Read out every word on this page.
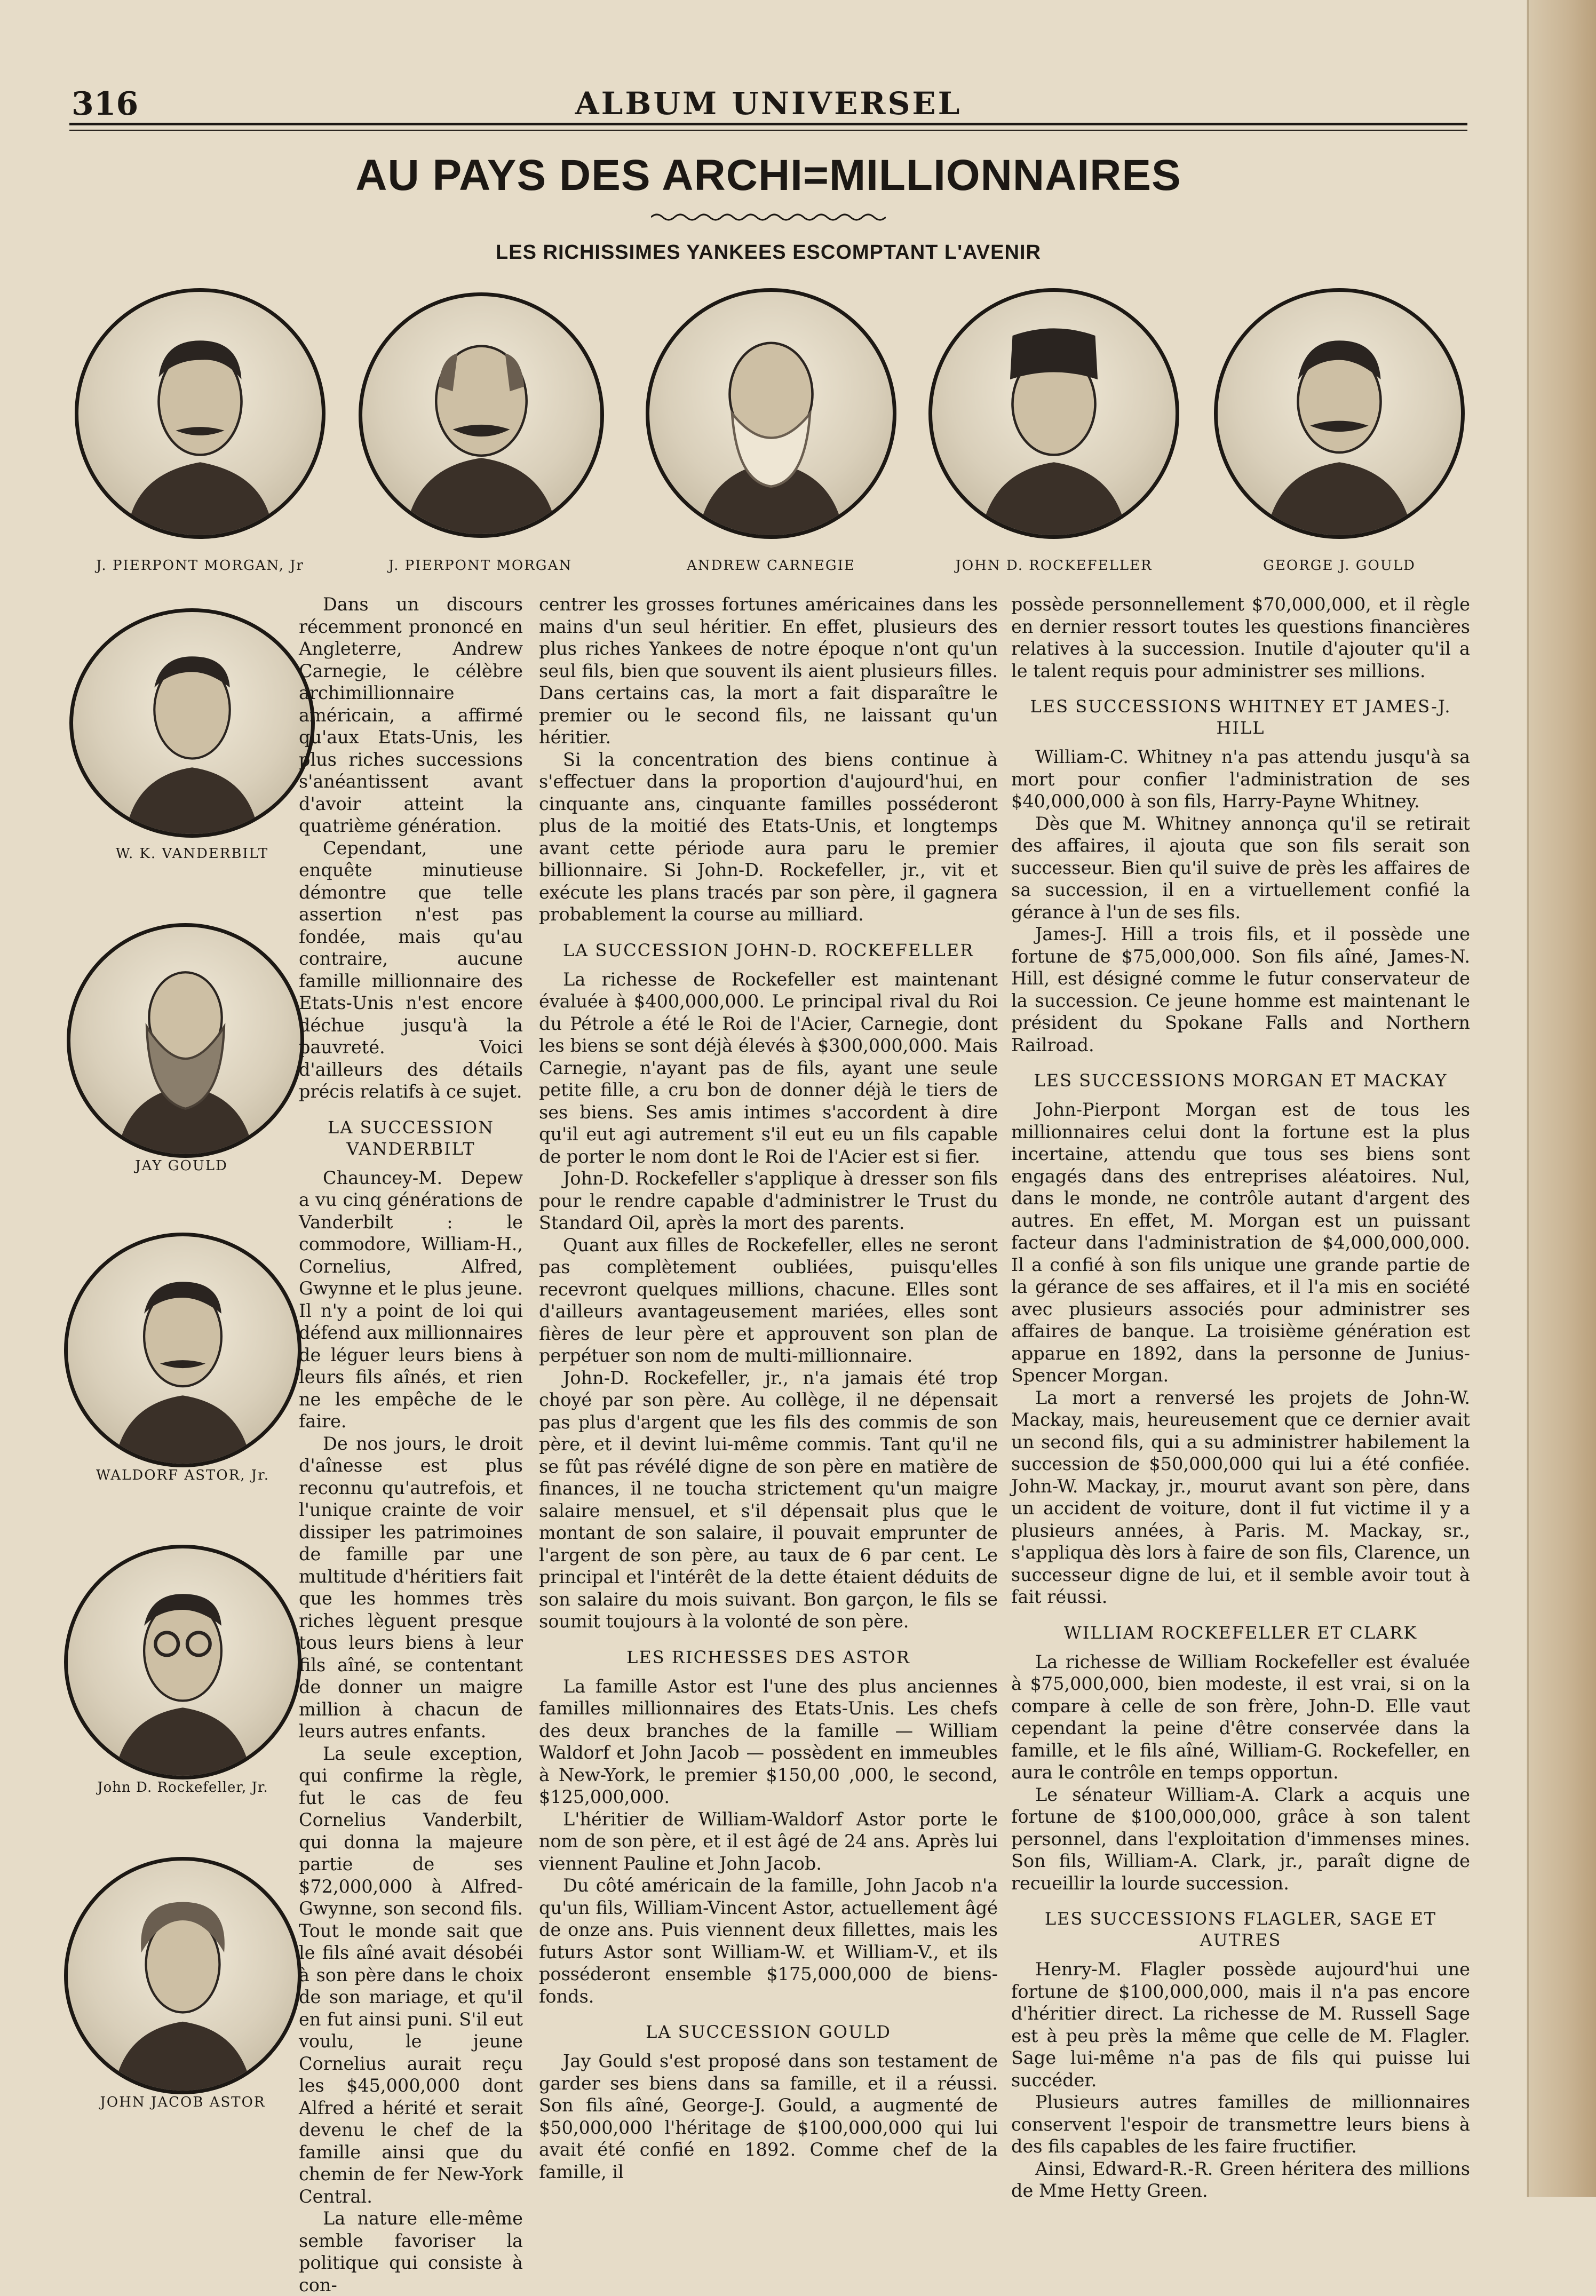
316	ALBUM UNIVERSEL
AU PAYS DES ARCHI=MILLIONNAIRES
LES RICHISSIMES YANKEES ESCOMPTANT L'AVENIR
J. PIERPONT MORGAN, Jr	J. PIERPONT MORGAN	ANDREW CARNEGIE	JOHN D. ROCKEFELLER	GEORGE J. GOULD
W. K. VANDERBILT
JAY GOULD
WALDORF ASTOR, Jr.
John D. Rockefeller, Jr.
JOHN JACOB ASTOR

Dans un discours récemment prononcé en Angleterre, Andrew Carnegie, le célèbre archimillionnaire américain, a affirmé qu'aux Etats-Unis, les plus riches successions s'anéantissent avant d'avoir atteint la quatrième génération.

Cependant, une enquête minutieuse démontre que telle assertion n'est pas fondée, mais qu'au contraire, aucune famille millionnaire des Etats-Unis n'est encore déchue jusqu'à la pauvreté. Voici d'ailleurs des détails précis relatifs à ce sujet.

LA SUCCESSION VANDERBILT

Chauncey-M. Depew a vu cinq générations de Vanderbilt : le commodore, William-H., Cornelius, Alfred, Gwynne et le plus jeune. Il n'y a point de loi qui défend aux millionnaires de léguer leurs biens à leurs fils aînés, et rien ne les empêche de le faire.

De nos jours, le droit d'aînesse est plus reconnu qu'autrefois, et l'unique crainte de voir dissiper les patrimoines de famille par une multitude d'héritiers fait que les hommes très riches lèguent presque tous leurs biens à leur fils aîné, se contentant de donner un maigre million à chacun de leurs autres enfants.

La seule exception, qui confirme la règle, fut le cas de feu Cornelius Vanderbilt, qui donna la majeure partie de ses $72,000,000 à Alfred-Gwynne, son second fils. Tout le monde sait que le fils aîné avait désobéi à son père dans le choix de son mariage, et qu'il en fut ainsi puni. S'il eut voulu, le jeune Cornelius aurait reçu les $45,000,000 dont Alfred a hérité et serait devenu le chef de la famille ainsi que du chemin de fer New-York Central.

La nature elle-même semble favoriser la politique qui consiste à con-

centrer les grosses fortunes américaines dans les mains d'un seul héritier. En effet, plusieurs des plus riches Yankees de notre époque n'ont qu'un seul fils, bien que souvent ils aient plusieurs filles. Dans certains cas, la mort a fait disparaître le premier ou le second fils, ne laissant qu'un héritier.

Si la concentration des biens continue à s'effectuer dans la proportion d'aujourd'hui, en cinquante ans, cinquante familles posséderont plus de la moitié des Etats-Unis, et longtemps avant cette période aura paru le premier billionnaire. Si John-D. Rockefeller, jr., vit et exécute les plans tracés par son père, il gagnera probablement la course au milliard.

LA SUCCESSION JOHN-D. ROCKEFELLER

La richesse de Rockefeller est maintenant évaluée à $400,000,000. Le principal rival du Roi du Pétrole a été le Roi de l'Acier, Carnegie, dont les biens se sont déjà élevés à $300,000,000. Mais Carnegie, n'ayant pas de fils, ayant une seule petite fille, a cru bon de donner déjà le tiers de ses biens. Ses amis intimes s'accordent à dire qu'il eut agi autrement s'il eut eu un fils capable de porter le nom dont le Roi de l'Acier est si fier.

John-D. Rockefeller s'applique à dresser son fils pour le rendre capable d'administrer le Trust du Standard Oil, après la mort des parents.

Quant aux filles de Rockefeller, elles ne seront pas complètement oubliées, puisqu'elles recevront quelques millions, chacune. Elles sont d'ailleurs avantageusement mariées, elles sont fières de leur père et approuvent son plan de perpétuer son nom de multi-millionnaire.

John-D. Rockefeller, jr., n'a jamais été trop choyé par son père. Au collège, il ne dépensait pas plus d'argent que les fils des commis de son père, et il devint lui-même commis. Tant qu'il ne se fût pas révélé digne de son père en matière de finances, il ne toucha strictement qu'un maigre salaire mensuel, et s'il dépensait plus que le montant de son salaire, il pouvait emprunter de l'argent de son père, au taux de 6 par cent. Le principal et l'intérêt de la dette étaient déduits de son salaire du mois suivant. Bon garçon, le fils se soumit toujours à la volonté de son père.

LES RICHESSES DES ASTOR

La famille Astor est l'une des plus anciennes familles millionnaires des Etats-Unis. Les chefs des deux branches de la famille — William Waldorf et John Jacob — possèdent en immeubles à New-York, le premier $150,00 ,000, le second, $125,000,000.

L'héritier de William-Waldorf Astor porte le nom de son père, et il est âgé de 24 ans. Après lui viennent Pauline et John Jacob.

Du côté américain de la famille, John Jacob n'a qu'un fils, William-Vincent Astor, actuellement âgé de onze ans. Puis viennent deux fillettes, mais les futurs Astor sont William-W. et William-V., et ils posséderont ensemble $175,000,000 de biens-fonds.

LA SUCCESSION GOULD

Jay Gould s'est proposé dans son testament de garder ses biens dans sa famille, et il a réussi. Son fils aîné, George-J. Gould, a augmenté de $50,000,000 l'héritage de $100,000,000 qui lui avait été confié en 1892. Comme chef de la famille, il

possède personnellement $70,000,000, et il règle en dernier ressort toutes les questions financières relatives à la succession. Inutile d'ajouter qu'il a le talent requis pour administrer ses millions.

LES SUCCESSIONS WHITNEY ET JAMES-J. HILL

William-C. Whitney n'a pas attendu jusqu'à sa mort pour confier l'administration de ses $40,000,000 à son fils, Harry-Payne Whitney.

Dès que M. Whitney annonça qu'il se retirait des affaires, il ajouta que son fils serait son successeur. Bien qu'il suive de près les affaires de sa succession, il en a virtuellement confié la gérance à l'un de ses fils.

James-J. Hill a trois fils, et il possède une fortune de $75,000,000. Son fils aîné, James-N. Hill, est désigné comme le futur conservateur de la succession. Ce jeune homme est maintenant le président du Spokane Falls and Northern Railroad.

LES SUCCESSIONS MORGAN ET MACKAY

John-Pierpont Morgan est de tous les millionnaires celui dont la fortune est la plus incertaine, attendu que tous ses biens sont engagés dans des entreprises aléatoires. Nul, dans le monde, ne contrôle autant d'argent des autres. En effet, M. Morgan est un puissant facteur dans l'administration de $4,000,000,000. Il a confié à son fils unique une grande partie de la gérance de ses affaires, et il l'a mis en société avec plusieurs associés pour administrer ses affaires de banque. La troisième génération est apparue en 1892, dans la personne de Junius-Spencer Morgan.

La mort a renversé les projets de John-W. Mackay, mais, heureusement que ce dernier avait un second fils, qui a su administrer habilement la succession de $50,000,000 qui lui a été confiée. John-W. Mackay, jr., mourut avant son père, dans un accident de voiture, dont il fut victime il y a plusieurs années, à Paris. M. Mackay, sr., s'appliqua dès lors à faire de son fils, Clarence, un successeur digne de lui, et il semble avoir tout à fait réussi.

WILLIAM ROCKEFELLER ET CLARK

La richesse de William Rockefeller est évaluée à $75,000,000, bien modeste, il est vrai, si on la compare à celle de son frère, John-D. Elle vaut cependant la peine d'être conservée dans la famille, et le fils aîné, William-G. Rockefeller, en aura le contrôle en temps opportun.

Le sénateur William-A. Clark a acquis une fortune de $100,000,000, grâce à son talent personnel, dans l'exploitation d'immenses mines. Son fils, William-A. Clark, jr., paraît digne de recueillir la lourde succession.

LES SUCCESSIONS FLAGLER, SAGE ET AUTRES

Henry-M. Flagler possède aujourd'hui une fortune de $100,000,000, mais il n'a pas encore d'héritier direct. La richesse de M. Russell Sage est à peu près la même que celle de M. Flagler. Sage lui-même n'a pas de fils qui puisse lui succéder.

Plusieurs autres familles de millionnaires conservent l'espoir de transmettre leurs biens à des fils capables de les faire fructifier.

Ainsi, Edward-R.-R. Green héritera des millions de Mme Hetty Green.
